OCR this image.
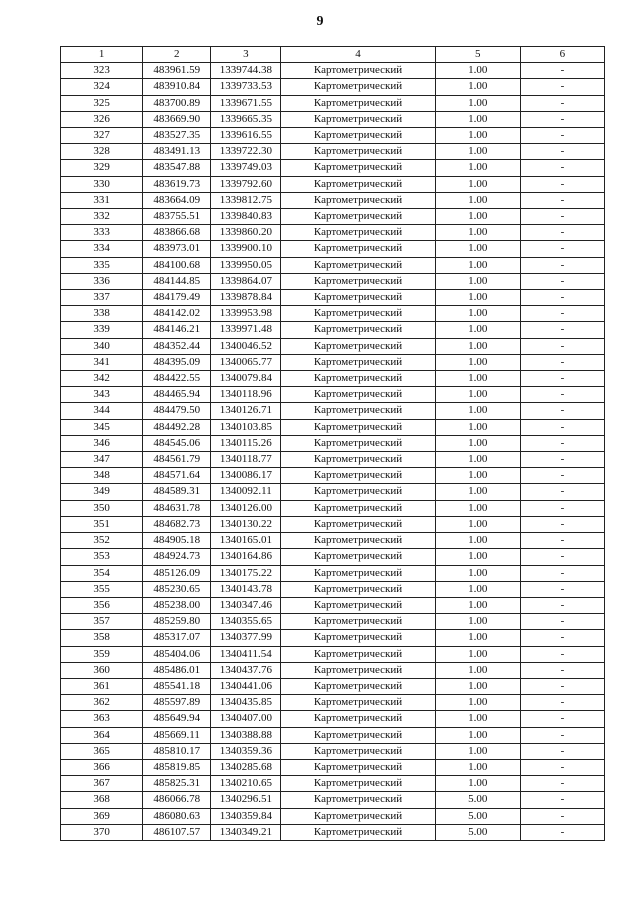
9
1	2	3	4	5	6
323	483961.59	1339744.38	Картометрический	1.00	-
324	483910.84	1339733.53	Картометрический	1.00	-
325	483700.89	1339671.55	Картометрический	1.00	-
326	483669.90	1339665.35	Картометрический	1.00	-
327	483527.35	1339616.55	Картометрический	1.00	-
328	483491.13	1339722.30	Картометрический	1.00	-
329	483547.88	1339749.03	Картометрический	1.00	-
330	483619.73	1339792.60	Картометрический	1.00	-
331	483664.09	1339812.75	Картометрический	1.00	-
332	483755.51	1339840.83	Картометрический	1.00	-
333	483866.68	1339860.20	Картометрический	1.00	-
334	483973.01	1339900.10	Картометрический	1.00	-
335	484100.68	1339950.05	Картометрический	1.00	-
336	484144.85	1339864.07	Картометрический	1.00	-
337	484179.49	1339878.84	Картометрический	1.00	-
338	484142.02	1339953.98	Картометрический	1.00	-
339	484146.21	1339971.48	Картометрический	1.00	-
340	484352.44	1340046.52	Картометрический	1.00	-
341	484395.09	1340065.77	Картометрический	1.00	-
342	484422.55	1340079.84	Картометрический	1.00	-
343	484465.94	1340118.96	Картометрический	1.00	-
344	484479.50	1340126.71	Картометрический	1.00	-
345	484492.28	1340103.85	Картометрический	1.00	-
346	484545.06	1340115.26	Картометрический	1.00	-
347	484561.79	1340118.77	Картометрический	1.00	-
348	484571.64	1340086.17	Картометрический	1.00	-
349	484589.31	1340092.11	Картометрический	1.00	-
350	484631.78	1340126.00	Картометрический	1.00	-
351	484682.73	1340130.22	Картометрический	1.00	-
352	484905.18	1340165.01	Картометрический	1.00	-
353	484924.73	1340164.86	Картометрический	1.00	-
354	485126.09	1340175.22	Картометрический	1.00	-
355	485230.65	1340143.78	Картометрический	1.00	-
356	485238.00	1340347.46	Картометрический	1.00	-
357	485259.80	1340355.65	Картометрический	1.00	-
358	485317.07	1340377.99	Картометрический	1.00	-
359	485404.06	1340411.54	Картометрический	1.00	-
360	485486.01	1340437.76	Картометрический	1.00	-
361	485541.18	1340441.06	Картометрический	1.00	-
362	485597.89	1340435.85	Картометрический	1.00	-
363	485649.94	1340407.00	Картометрический	1.00	-
364	485669.11	1340388.88	Картометрический	1.00	-
365	485810.17	1340359.36	Картометрический	1.00	-
366	485819.85	1340285.68	Картометрический	1.00	-
367	485825.31	1340210.65	Картометрический	1.00	-
368	486066.78	1340296.51	Картометрический	5.00	-
369	486080.63	1340359.84	Картометрический	5.00	-
370	486107.57	1340349.21	Картометрический	5.00	-
